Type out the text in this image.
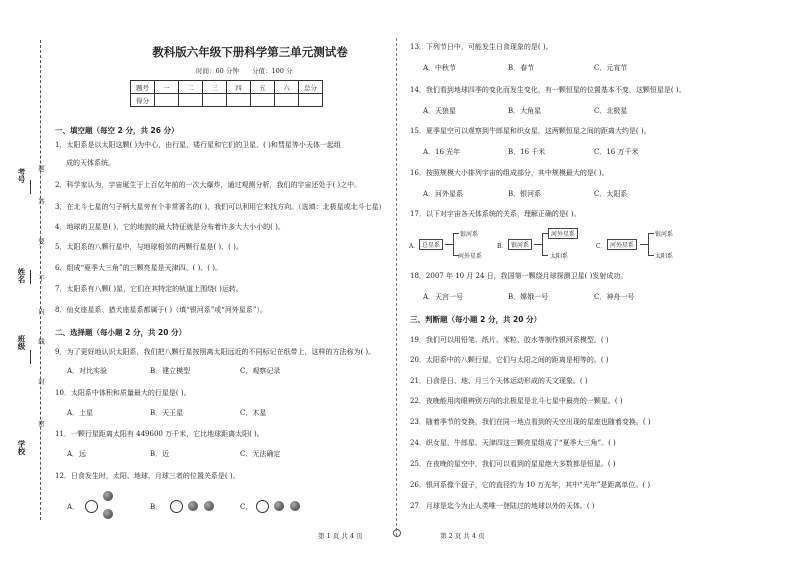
学校
班级
姓名
考号
密
封
线
内
不
要
答
题
教科版六年级下册科学第三单元测试卷
时间：60 分钟 分值：100 分
题号	一	二	三	四	五	六	总分
得分							
一、填空题（每空 2 分，共 26 分）
1．太阳系是以太阳这颗( )为中心，由行星、矮行星和它们的卫星、( )和彗星等小天体一起组
成的天体系统。
2．科学家认为，宇宙诞生于上百亿年前的一次大爆炸，通过观测分析，我们的宇宙还处于( )之中。
3．在北斗七星的勺子柄大星旁有个非常著名的( )，我们可以利用它来找方向。（选填：北极星或北斗七星）
4．地球的卫星是( )，它的地貌的最大特征就是分布着许多大大小小的( )。
5．太阳系的八颗行星中，与地球相邻的两颗行星是( )、( )。
6．组成“夏季大三角”的三颗亮星是天津四、( )、( )。
7．太阳系有八颗( )星，它们在其特定的轨道上围绕( )运转。
8．仙女座星系、猎犬座星系都属于( )（填“银河系”或“河外星系”）。
二、选择题（每小题 2 分，共 20 分）
9．为了更好地认识太阳系，我们把八颗行星按照离太阳远近的不同标记在纸带上，这样的方法称为( )。
A．对比实验	B．建立模型	C．观察记录
10．太阳系中体积和质量最大的行星是( )。
A．土星	B．天王星	C．木星
11．一颗行星距离太阳有 449600 万千米，它比地球距离太阳( )。
A．远	B．近	C．无法确定
12．日食发生时，太阳、地球、月球三者的位置关系是( )。
A．	B．	C．
第 1 页 共 4 页
13．下列节日中，可能发生日食现象的是( )。
A．中秋节	B．春节	C．元宵节
14．我们看到地球四季的变化而发生变化，有一颗恒星的位置基本不变，这颗恒星是( )。
A．天狼星	B．大角星	C．北极星
15．夏季星空可以观察到牛郎星和织女星，这两颗恒星之间的距离大约是( )。
A．16 光年	B．16 千米	C．16 万千米
16．按照规模大小排列宇宙的组成部分，其中规模最大的是( )。
A．河外星系	B．银河系	C．太阳系
17．以下对宇宙各天体系统的关系，理解正确的是( )。
A． 总星系
银河系
河外星系
B． 银河系
河外星系
太阳系
C． 河外星系
银河系
太阳系
18．2007 年 10 月 24 日，我国第一颗绕月球探测卫星( )发射成功。
A．天宫一号	B．嫦娥一号	C．神舟一号
三、判断题（每小题 2 分，共 20 分）
19．我们可以用铅笔、纸片、米粒、胶水等制作银河系模型。( )
20．太阳系中的八颗行星，它们与太阳之间的距离是相等的。( )
21．日食是日、地、月三个天体运动形成的天文现象。( )
22．夜晚能用肉眼辨别方向的北极星是北斗七星中最亮的一颗星。( )
23．随着季节的变换，我们在同一地点看到的天空出现的星座也随着变换。( )
24．织女星、牛郎星、天津四这三颗亮星组成了“夏季大三角”。( )
25．在夜晚的星空中，我们可以看到的星星绝大多数都是恒星。( )
26．银河系像个盘子，它的直径约为 10 万光年，其中“光年”是距离单位。( )
27．月球是迄今为止人类唯一登陆过的地球以外的天体。( )
第 2 页 共 4 页
